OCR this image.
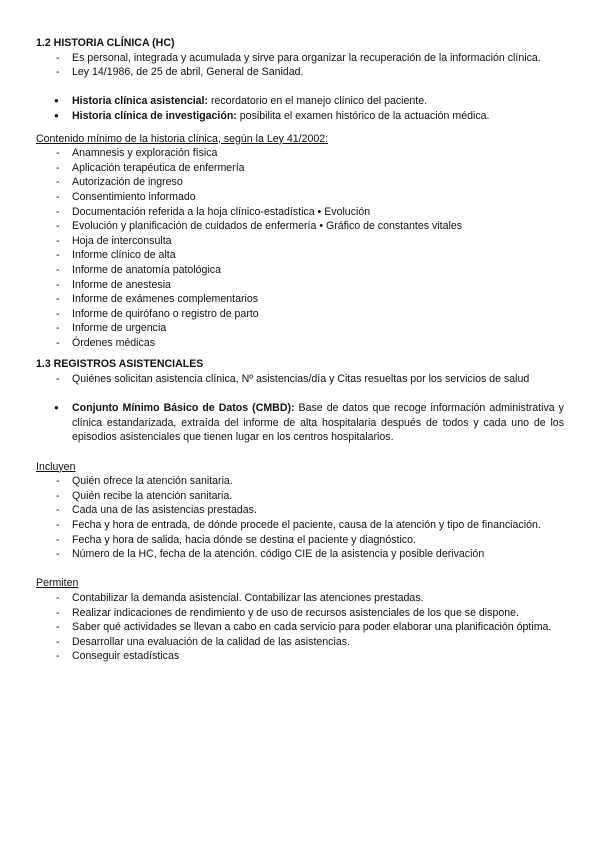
1.2 HISTORIA CLÍNICA (HC)

- Es personal, integrada y acumulada y sirve para organizar la recuperación de la información clínica.
- Ley 14/1986, de 25 de abril, General de Sanidad.
● Historia clínica asistencial: recordatorio en el manejo clínico del paciente.
● Historia clínica de investigación: posibilita el examen histórico de la actuación médica.

Contenido mínimo de la historia clínica, según la Ley 41/2002:

- Anamnesis y exploración física
- Aplicación terapéutica de enfermería
- Autorización de ingreso
- Consentimiento informado
- Documentación referida a la hoja clínico-estadística • Evolución
- Evolución y planificación de cuidados de enfermería • Gráfico de constantes vitales
- Hoja de interconsulta
- Informe clínico de alta
- Informe de anatomía patológica
- Informe de anestesia
- Informe de exámenes complementarios
- Informe de quirófano o registro de parto
- Informe de urgencia
- Órdenes médicas

1.3 REGISTROS ASISTENCIALES

- Quiénes solicitan asistencia clínica, Nº asistencias/día y Citas resueltas por los servicios de salud
● Conjunto Mínimo Básico de Datos (CMBD): Base de datos que recoge información administrativa y clínica estandarizada, extraída del informe de alta hospitalaria después de todos y cada uno de los episodios asistenciales que tienen lugar en los centros hospitalarios.

Incluyen

- Quién ofrece la atención sanitaria.
- Quién recibe la atención sanitaria.
- Cada una de las asistencias prestadas.
- Fecha y hora de entrada, de dónde procede el paciente, causa de la atención y tipo de financiación.
- Fecha y hora de salida, hacia dónde se destina el paciente y diagnóstico.
- Número de la HC, fecha de la atención. código CIE de la asistencia y posible derivación

Permiten

- Contabilizar la demanda asistencial. Contabilizar las atenciones prestadas.
- Realizar indicaciones de rendimiento y de uso de recursos asistenciales de los que se dispone.
- Saber qué actividades se llevan a cabo en cada servicio para poder elaborar una planificación óptima.
- Desarrollar una evaluación de la calidad de las asistencias.
- Conseguir estadísticas
